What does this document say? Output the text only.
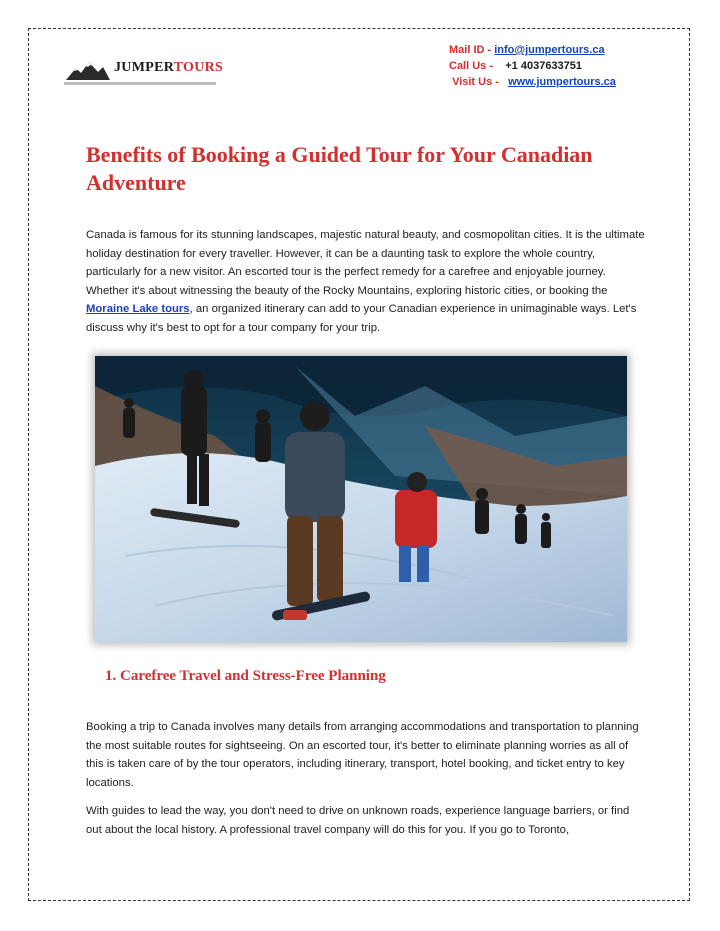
JUMPERTOURS
Mail ID - info@jumpertours.ca
Call Us -    +1 4037633751
Visit Us -   www.jumpertours.ca
Benefits of Booking a Guided Tour for Your Canadian Adventure

Canada is famous for its stunning landscapes, majestic natural beauty, and cosmopolitan cities. It is the ultimate holiday destination for every traveller. However, it can be a daunting task to explore the whole country, particularly for a new visitor. An escorted tour is the perfect remedy for a carefree and enjoyable journey. Whether it's about witnessing the beauty of the Rocky Mountains, exploring historic cities, or booking the Moraine Lake tours, an organized itinerary can add to your Canadian experience in unimaginable ways. Let's discuss why it's best to opt for a tour company for your trip.

1. Carefree Travel and Stress-Free Planning

Booking a trip to Canada involves many details from arranging accommodations and transportation to planning the most suitable routes for sightseeing. On an escorted tour, it's better to eliminate planning worries as all of this is taken care of by the tour operators, including itinerary, transport, hotel booking, and ticket entry to key locations.

With guides to lead the way, you don't need to drive on unknown roads, experience language barriers, or find out about the local history. A professional travel company will do this for you. If you go to Toronto,
